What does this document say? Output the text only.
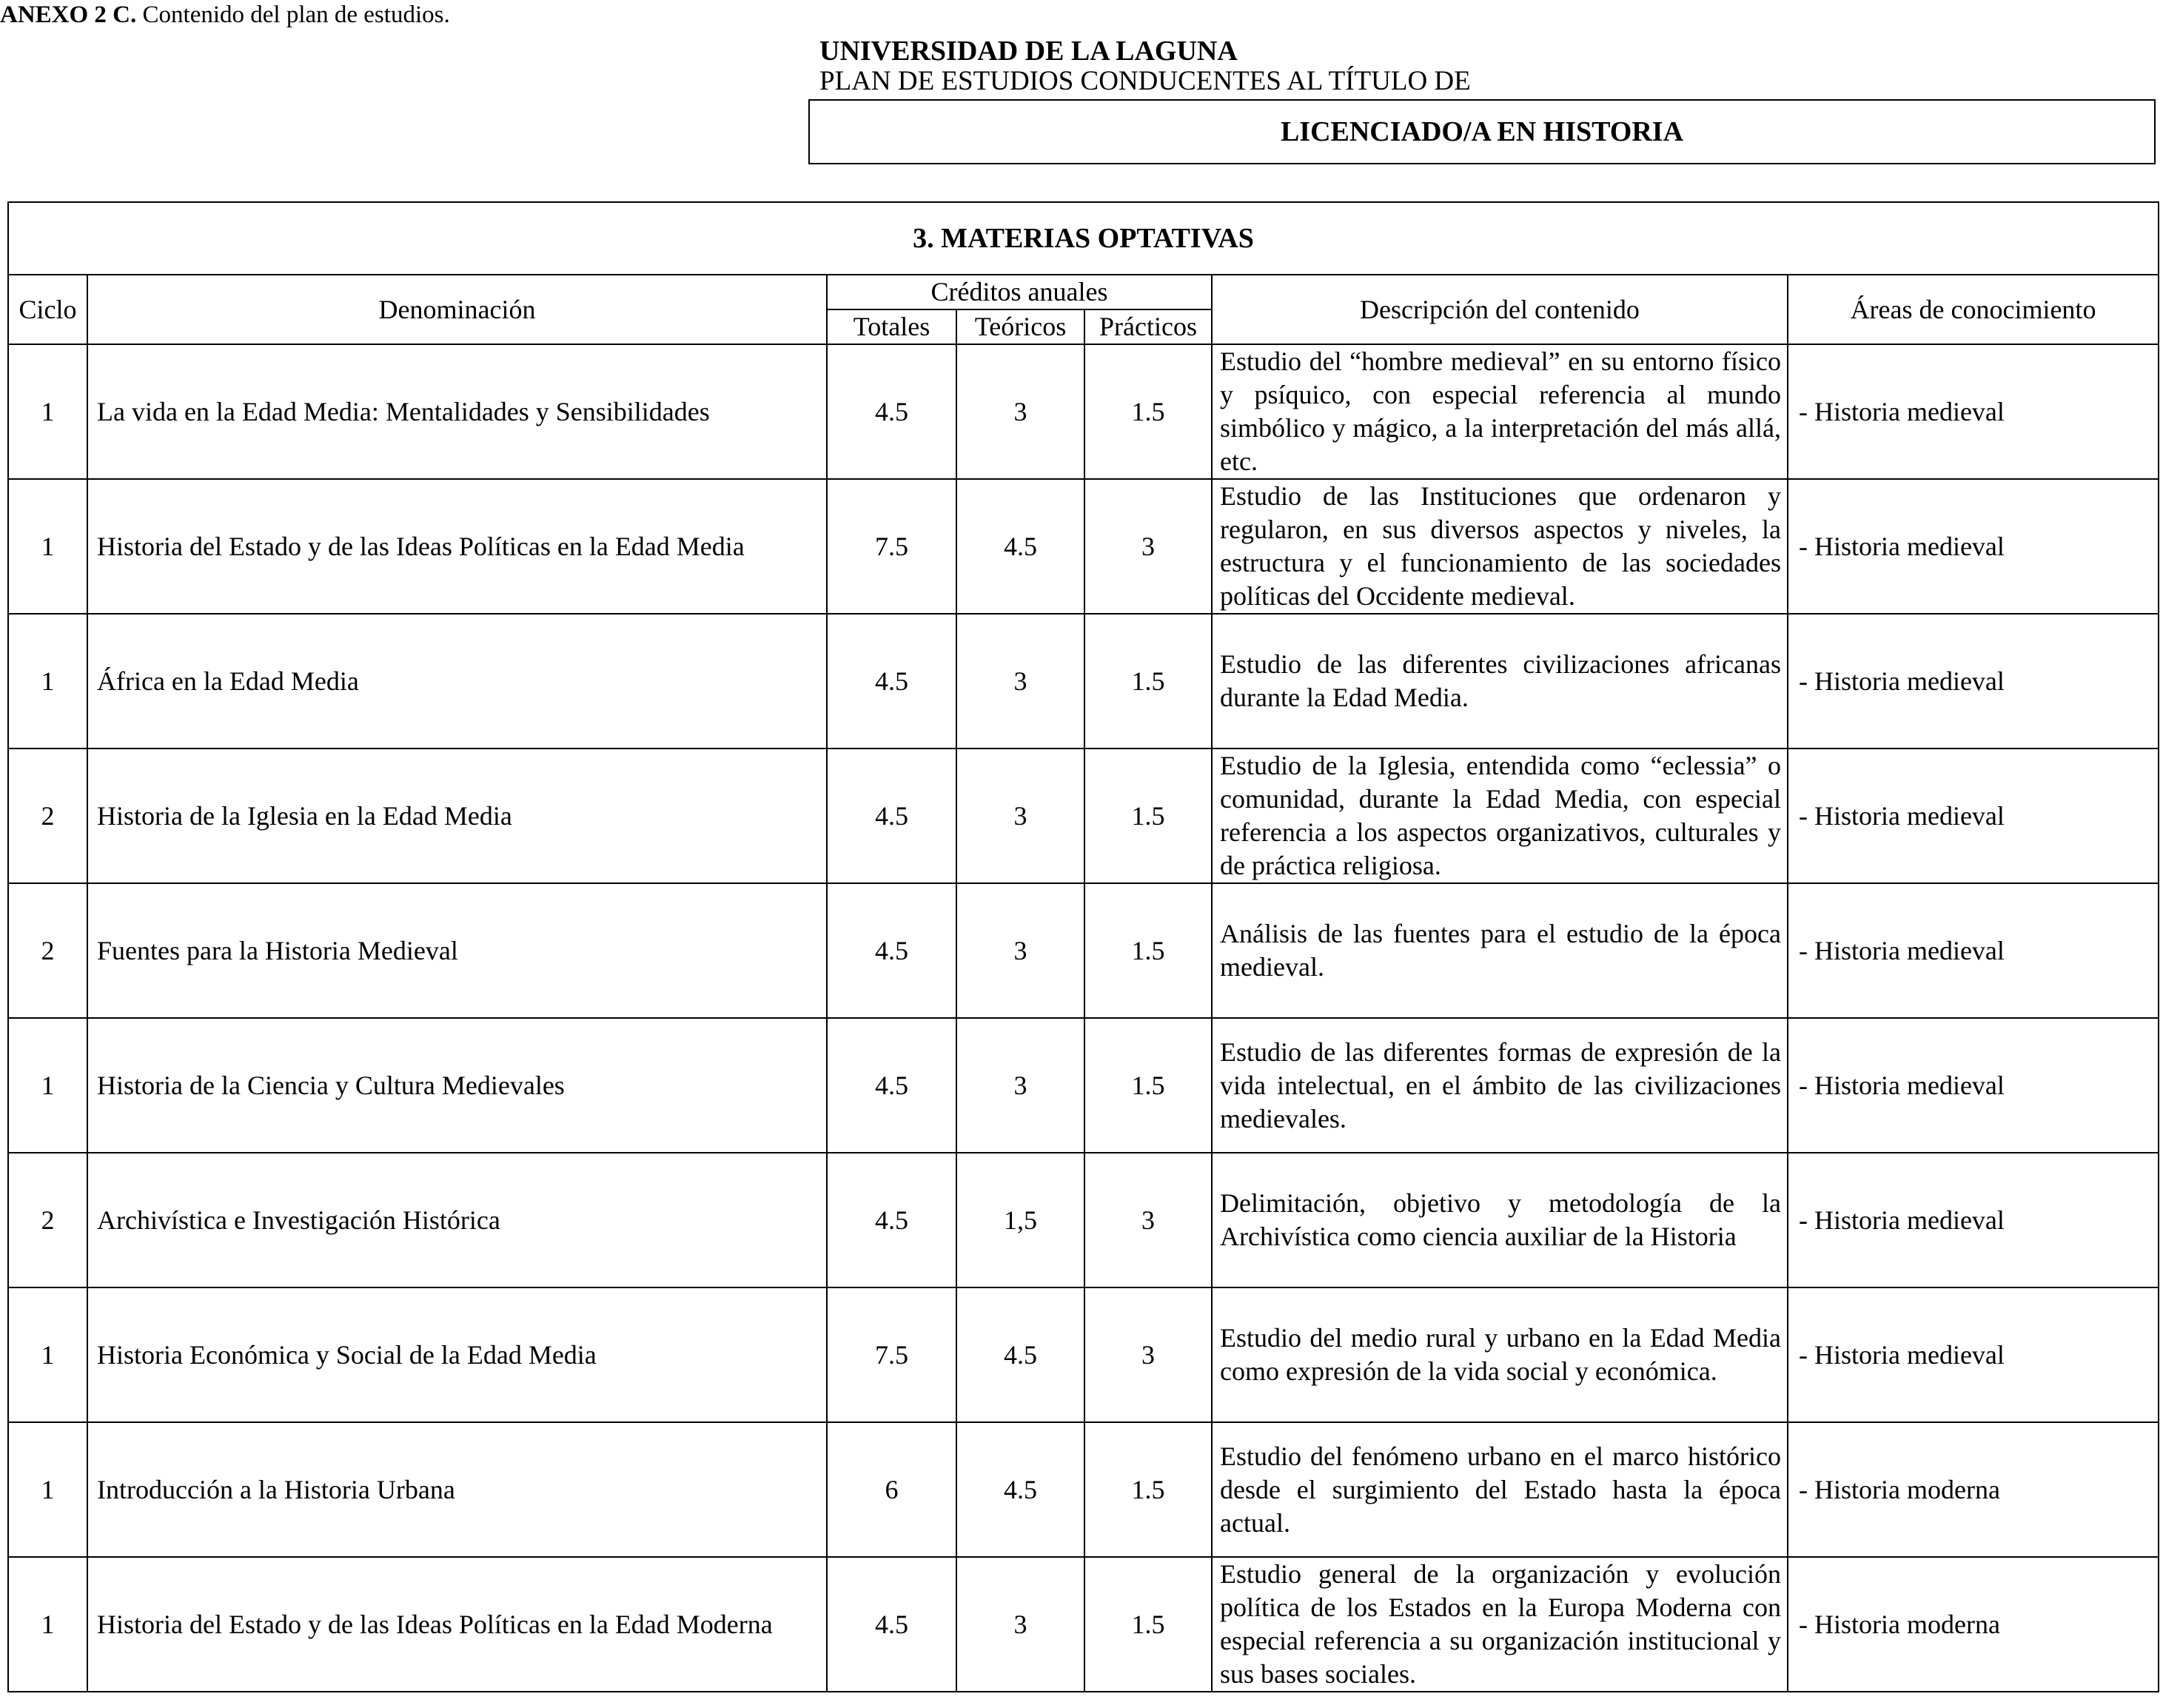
ANEXO 2 C. Contenido del plan de estudios.
UNIVERSIDAD DE LA LAGUNA
PLAN DE ESTUDIOS CONDUCENTES AL TÍTULO DE
LICENCIADO/A EN HISTORIA
3. MATERIAS OPTATIVAS						
Ciclo	Denominación	Créditos anuales			Descripción del contenido	Áreas de conocimiento
		Totales	Teóricos	Prácticos		
1	La vida en la Edad Media: Mentalidades y Sensibilidades	4.5	3	1.5	Estudio del “hombre medieval” en su entorno físico y psíquico, con especial referencia al mundo simbólico y mágico, a la interpretación del más allá, etc.	- Historia medieval
1	Historia del Estado y de las Ideas Políticas en la Edad Media	7.5	4.5	3	Estudio de las Instituciones que ordenaron y regularon, en sus diversos aspectos y niveles, la estructura y el funcionamiento de las sociedades políticas del Occidente medieval.	- Historia medieval
1	África en la Edad Media	4.5	3	1.5	Estudio de las diferentes civilizaciones africanas durante la Edad Media.	- Historia medieval
2	Historia de la Iglesia en la Edad Media	4.5	3	1.5	Estudio de la Iglesia, entendida como “eclessia” o comunidad, durante la Edad Media, con especial referencia a los aspectos organizativos, culturales y de práctica religiosa.	- Historia medieval
2	Fuentes para la Historia Medieval	4.5	3	1.5	Análisis de las fuentes para el estudio de la época medieval.	- Historia medieval
1	Historia de la Ciencia y Cultura Medievales	4.5	3	1.5	Estudio de las diferentes formas de expresión de la vida intelectual, en el ámbito de las civilizaciones medievales.	- Historia medieval
2	Archivística e Investigación Histórica	4.5	1,5	3	Delimitación, objetivo y metodología de la Archivística como ciencia auxiliar de la Historia	- Historia medieval
1	Historia Económica y Social de la Edad Media	7.5	4.5	3	Estudio del medio rural y urbano en la Edad Media como expresión de la vida social y económica.	- Historia medieval
1	Introducción a la Historia Urbana	6	4.5	1.5	Estudio del fenómeno urbano en el marco histórico desde el surgimiento del Estado hasta la época actual.	- Historia moderna
1	Historia del Estado y de las Ideas Políticas en la Edad Moderna	4.5	3	1.5	Estudio general de la organización y evolución política de los Estados en la Europa Moderna con especial referencia a su organización institucional y sus bases sociales.	- Historia moderna
